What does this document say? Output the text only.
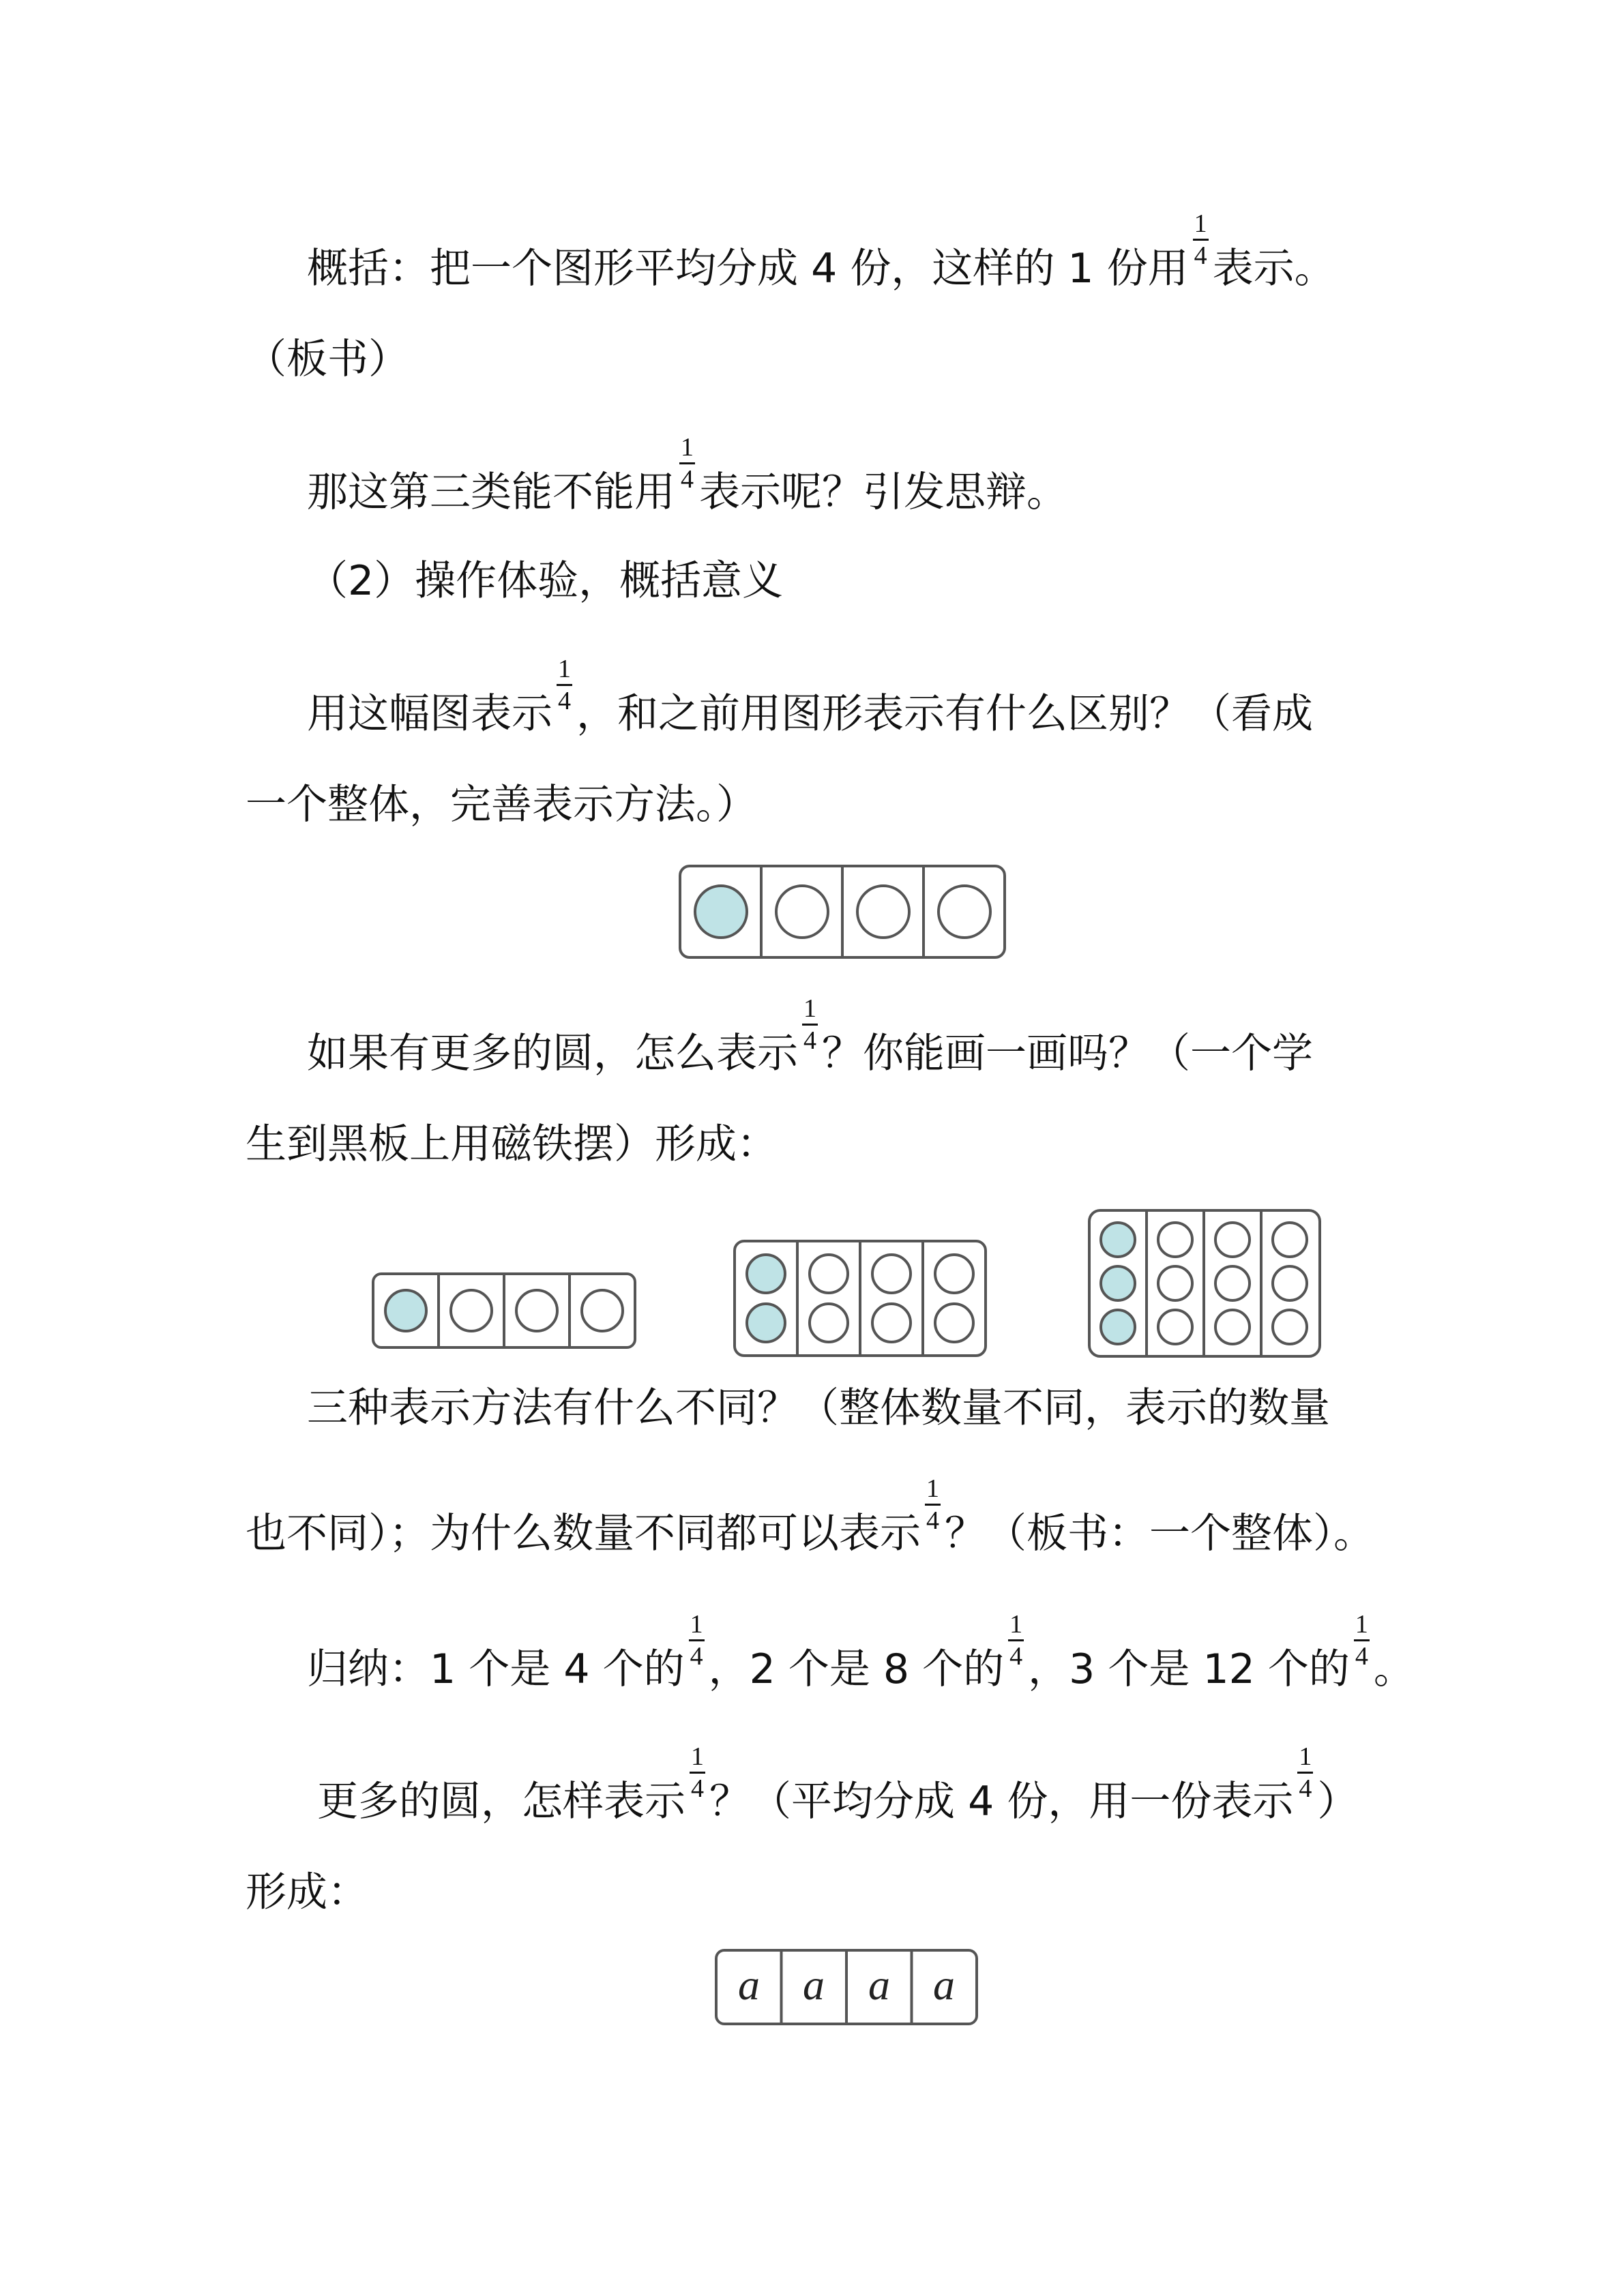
概括：把一个图形平均分成 4 份，这样的 1 份用 $\frac{1}{4}$ 表示。
（板书）
那这第三类能不能用 $\frac{1}{4}$ 表示呢？引发思辩。
（2）操作体验，概括意义
用这幅图表示 $\frac{1}{4}$ ，和之前用图形表示有什么区别？（看成
一个整体，完善表示方法。）
如果有更多的圆，怎么表示 $\frac{1}{4}$ ？你能画一画吗？（一个学
生到黑板上用磁铁摆）形成：
三种表示方法有什么不同？（整体数量不同，表示的数量
也不同）；为什么数量不同都可以表示 $\frac{1}{4}$ ？（板书：一个整体）。
归纳：1 个是 4 个的 $\frac{1}{4}$ ，2 个是 8 个的 $\frac{1}{4}$ ，3 个是 12 个的 $\frac{1}{4}$ 。
更多的圆，怎样表示 $\frac{1}{4}$ ？（平均分成 4 份，用一份表示 $\frac{1}{4}$ ）
形成：
a a a a
